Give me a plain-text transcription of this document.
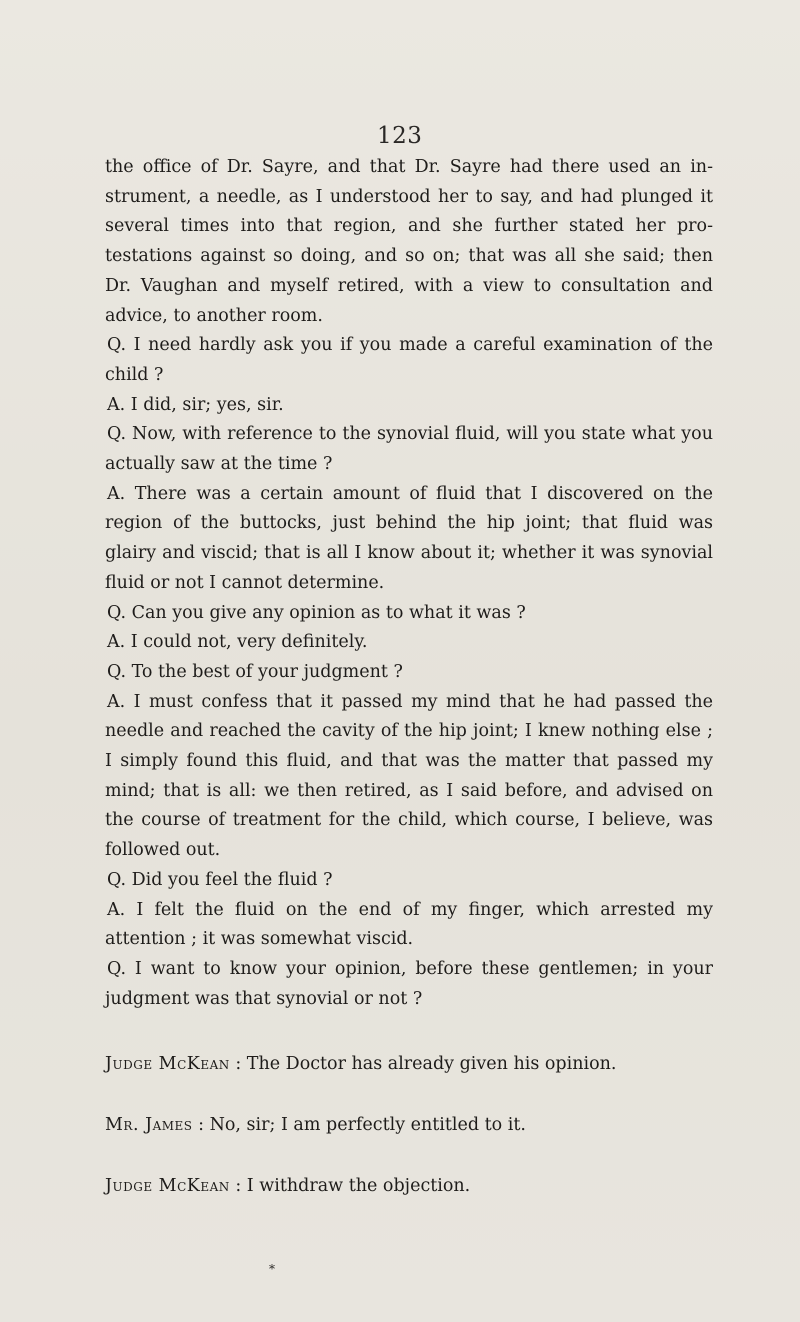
123

the office of Dr. Sayre, and that Dr. Sayre had there used an instrument, a needle, as I understood her to say, and had plunged it several times into that region, and she further stated her protestations against so doing, and so on; that was all she said; then Dr. Vaughan and myself retired, with a view to consultation and advice, to another room.

Q. I need hardly ask you if you made a careful examination of the child ?

A. I did, sir; yes, sir.

Q. Now, with reference to the synovial fluid, will you state what you actually saw at the time ?

A. There was a certain amount of fluid that I discovered on the region of the buttocks, just behind the hip joint; that fluid was glairy and viscid; that is all I know about it; whether it was synovial fluid or not I cannot determine.

Q. Can you give any opinion as to what it was ?

A. I could not, very definitely.

Q. To the best of your judgment ?

A. I must confess that it passed my mind that he had passed the needle and reached the cavity of the hip joint; I knew nothing else ; I simply found this fluid, and that was the matter that passed my mind; that is all: we then retired, as I said before, and advised on the course of treatment for the child, which course, I believe, was followed out.

Q. Did you feel the fluid ?

A. I felt the fluid on the end of my finger, which arrested my attention ; it was somewhat viscid.

Q. I want to know your opinion, before these gentlemen; in your judgment was that synovial or not ?

Judge McKean : The Doctor has already given his opinion.

Mr. James : No, sir; I am perfectly entitled to it.

Judge McKean : I withdraw the objection.

*
